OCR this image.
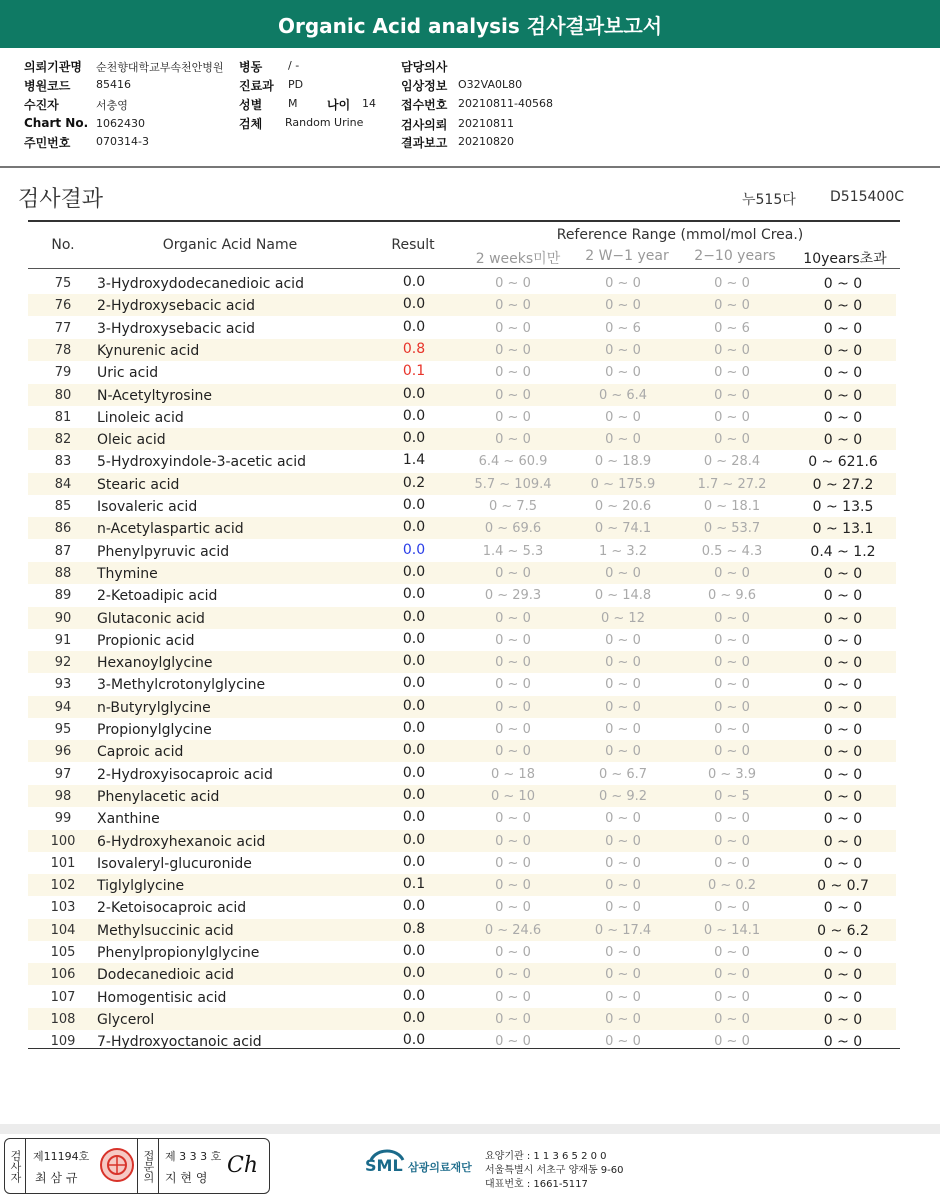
Organic Acid analysis 검사결과보고서
의뢰기관명 순천향대학교부속천안병원 병동 / -	담당의사
병원코드 85416	진료과 PD	임상정보 O32VA0L80
수진자	서충영	성별 M 나이 14 접수번호 20210811-40568
Chart No. 1062430	검체 Random Urine	검사의뢰 20210811
주민번호 070314-3	결과보고 20210820
검사결과	누515다 D515400C
No.	Organic Acid Name	Result
Reference Range (mmol/mol Crea.)
2 weeks미만	2 W−1 year	2−10 years	10years초과
75	3-Hydroxydodecanedioic acid	0.0	0 ~ 0	0 ~ 0	0 ~ 0	0 ~ 0
76	2-Hydroxysebacic acid	0.0	0 ~ 0	0 ~ 0	0 ~ 0	0 ~ 0
77	3-Hydroxysebacic acid	0.0	0 ~ 0	0 ~ 6	0 ~ 6	0 ~ 0
78	Kynurenic acid	0.8	0 ~ 0	0 ~ 0	0 ~ 0	0 ~ 0
79	Uric acid	0.1	0 ~ 0	0 ~ 0	0 ~ 0	0 ~ 0
80	N-Acetyltyrosine	0.0	0 ~ 0	0 ~ 6.4	0 ~ 0	0 ~ 0
81	Linoleic acid	0.0	0 ~ 0	0 ~ 0	0 ~ 0	0 ~ 0
82	Oleic acid	0.0	0 ~ 0	0 ~ 0	0 ~ 0	0 ~ 0
83	5-Hydroxyindole-3-acetic acid	1.4	6.4 ~ 60.9	0 ~ 18.9	0 ~ 28.4	0 ~ 621.6
84	Stearic acid	0.2	5.7 ~ 109.4	0 ~ 175.9	1.7 ~ 27.2	0 ~ 27.2
85	Isovaleric acid	0.0	0 ~ 7.5	0 ~ 20.6	0 ~ 18.1	0 ~ 13.5
86	n-Acetylaspartic acid	0.0	0 ~ 69.6	0 ~ 74.1	0 ~ 53.7	0 ~ 13.1
87	Phenylpyruvic acid	0.0	1.4 ~ 5.3	1 ~ 3.2	0.5 ~ 4.3	0.4 ~ 1.2
88	Thymine	0.0	0 ~ 0	0 ~ 0	0 ~ 0	0 ~ 0
89	2-Ketoadipic acid	0.0	0 ~ 29.3	0 ~ 14.8	0 ~ 9.6	0 ~ 0
90	Glutaconic acid	0.0	0 ~ 0	0 ~ 12	0 ~ 0	0 ~ 0
91	Propionic acid	0.0	0 ~ 0	0 ~ 0	0 ~ 0	0 ~ 0
92	Hexanoylglycine	0.0	0 ~ 0	0 ~ 0	0 ~ 0	0 ~ 0
93	3-Methylcrotonylglycine	0.0	0 ~ 0	0 ~ 0	0 ~ 0	0 ~ 0
94	n-Butyrylglycine	0.0	0 ~ 0	0 ~ 0	0 ~ 0	0 ~ 0
95	Propionylglycine	0.0	0 ~ 0	0 ~ 0	0 ~ 0	0 ~ 0
96	Caproic acid	0.0	0 ~ 0	0 ~ 0	0 ~ 0	0 ~ 0
97	2-Hydroxyisocaproic acid	0.0	0 ~ 18	0 ~ 6.7	0 ~ 3.9	0 ~ 0
98	Phenylacetic acid	0.0	0 ~ 10	0 ~ 9.2	0 ~ 5	0 ~ 0
99	Xanthine	0.0	0 ~ 0	0 ~ 0	0 ~ 0	0 ~ 0
100	6-Hydroxyhexanoic acid	0.0	0 ~ 0	0 ~ 0	0 ~ 0	0 ~ 0
101	Isovaleryl-glucuronide	0.0	0 ~ 0	0 ~ 0	0 ~ 0	0 ~ 0
102	Tiglylglycine	0.1	0 ~ 0	0 ~ 0	0 ~ 0.2	0 ~ 0.7
103	2-Ketoisocaproic acid	0.0	0 ~ 0	0 ~ 0	0 ~ 0	0 ~ 0
104	Methylsuccinic acid	0.8	0 ~ 24.6	0 ~ 17.4	0 ~ 14.1	0 ~ 6.2
105	Phenylpropionylglycine	0.0	0 ~ 0	0 ~ 0	0 ~ 0	0 ~ 0
106	Dodecanedioic acid	0.0	0 ~ 0	0 ~ 0	0 ~ 0	0 ~ 0
107	Homogentisic acid	0.0	0 ~ 0	0 ~ 0	0 ~ 0	0 ~ 0
108	Glycerol	0.0	0 ~ 0	0 ~ 0	0 ~ 0	0 ~ 0
109	7-Hydroxyoctanoic acid	0.0	0 ~ 0	0 ~ 0	0 ~ 0	0 ~ 0
검사자	제11194호
최 삼 규	접문의 제 3 3 3 호
지 현 영 Ch	SML 삼광의료재단
요양기관 : 1 1 3 6 5 2 0 0
서울특별시 서초구 양재동 9-60
대표번호 : 1661-5117
